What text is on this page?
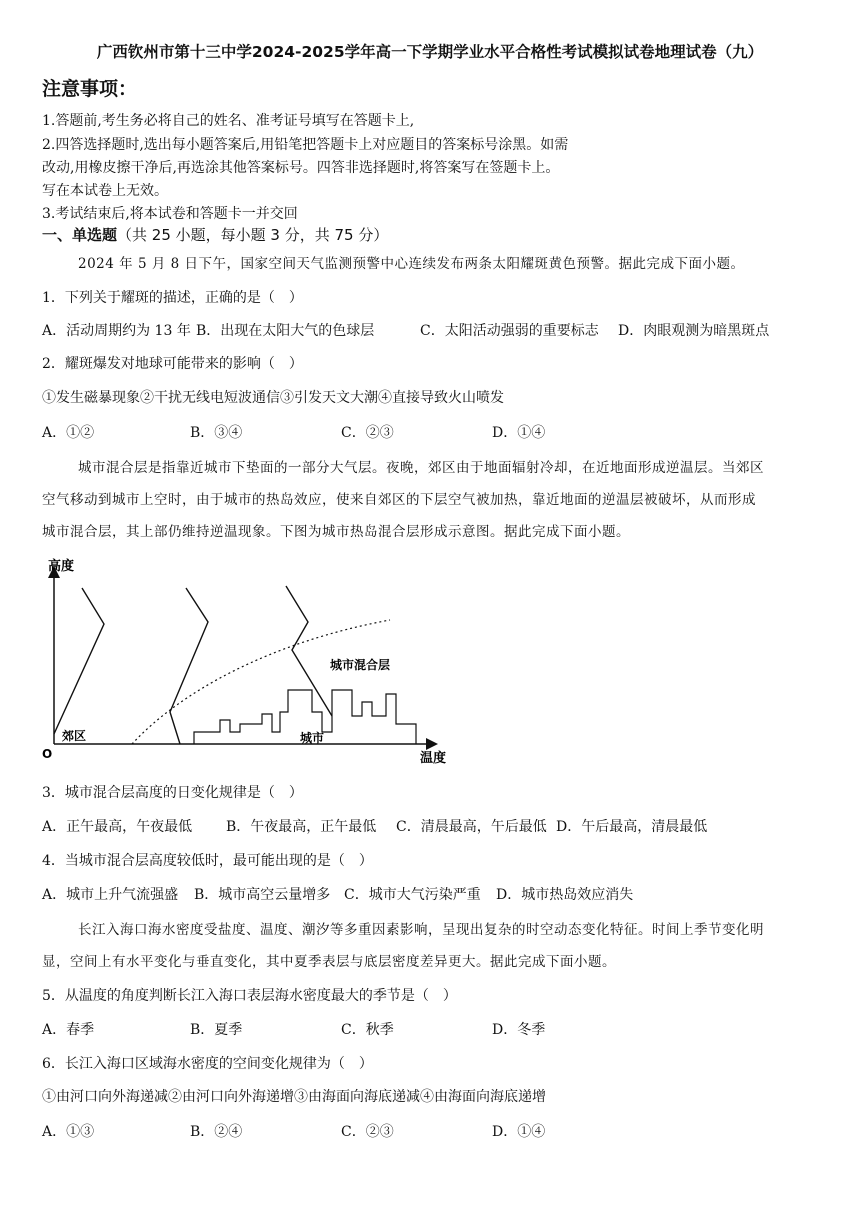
广西钦州市第十三中学2024-2025学年高一下学期学业水平合格性考试模拟试卷地理试卷（九）
注意事项：
1.答题前,考生务必将自己的姓名、准考证号填写在答题卡上,
2.四答选择题时,选出每小题答案后,用铅笔把答题卡上对应题目的答案标号涂黑。如需
改动,用橡皮擦干净后,再选涂其他答案标号。四答非选择题时,将答案写在签题卡上。
写在本试卷上无效。
3.考试结束后,将本试卷和答题卡一并交回
一、单选题（共 25 小题，每小题 3 分，共 75 分）
2024 年 5 月 8 日下午，国家空间天气监测预警中心连续发布两条太阳耀斑黄色预警。据此完成下面小题。
1．下列关于耀斑的描述，正确的是（　）
A．活动周期约为 13 年 B．出现在太阳大气的色球层	C．太阳活动强弱的重要标志 D．肉眼观测为暗黑斑点
2．耀斑爆发对地球可能带来的影响（　）
①发生磁暴现象②干扰无线电短波通信③引发天文大潮④直接导致火山喷发
A．①②	B．③④	C．②③	D．①④
城市混合层是指靠近城市下垫面的一部分大气层。夜晚，郊区由于地面辐射冷却，在近地面形成逆温层。当郊区
空气移动到城市上空时，由于城市的热岛效应，使来自郊区的下层空气被加热，靠近地面的逆温层被破坏，从而形成
城市混合层，其上部仍维持逆温现象。下图为城市热岛混合层形成示意图。据此完成下面小题。
高度
温度
O
郊区	城市
城市混合层
3．城市混合层高度的日变化规律是（　）
A．正午最高，午夜最低 B．午夜最高，正午最低 C．清晨最高，午后最低 D．午后最高，清晨最低
4．当城市混合层高度较低时，最可能出现的是（　）
A．城市上升气流强盛 B．城市高空云量增多 C．城市大气污染严重 D．城市热岛效应消失
长江入海口海水密度受盐度、温度、潮汐等多重因素影响，呈现出复杂的时空动态变化特征。时间上季节变化明
显，空间上有水平变化与垂直变化，其中夏季表层与底层密度差异更大。据此完成下面小题。
5．从温度的角度判断长江入海口表层海水密度最大的季节是（　）
A．春季	B．夏季	C．秋季	D．冬季
6．长江入海口区域海水密度的空间变化规律为（　）
①由河口向外海递减②由河口向外海递增③由海面向海底递减④由海面向海底递增
A．①③	B．②④	C．②③	D．①④
